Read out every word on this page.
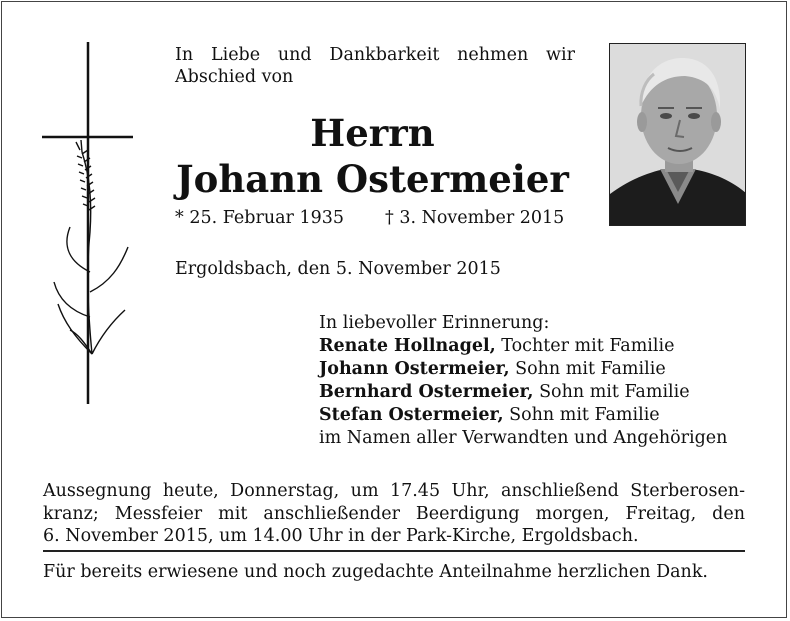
In Liebe und Dankbarkeit nehmen wir
Abschied von
Herrn
Johann Ostermeier
* 25. Februar 1935 † 3. November 2015
Ergoldsbach, den 5. November 2015
In liebevoller Erinnerung:
Renate Hollnagel, Tochter mit Familie
Johann Ostermeier, Sohn mit Familie
Bernhard Ostermeier, Sohn mit Familie
Stefan Ostermeier, Sohn mit Familie
im Namen aller Verwandten und Angehörigen
Aussegnung heute, Donnerstag, um 17.45 Uhr, anschließend Sterberosen-
kranz; Messfeier mit anschließender Beerdigung morgen, Freitag, den
6. November 2015, um 14.00 Uhr in der Park-Kirche, Ergoldsbach.
Für bereits erwiesene und noch zugedachte Anteilnahme herzlichen Dank.
